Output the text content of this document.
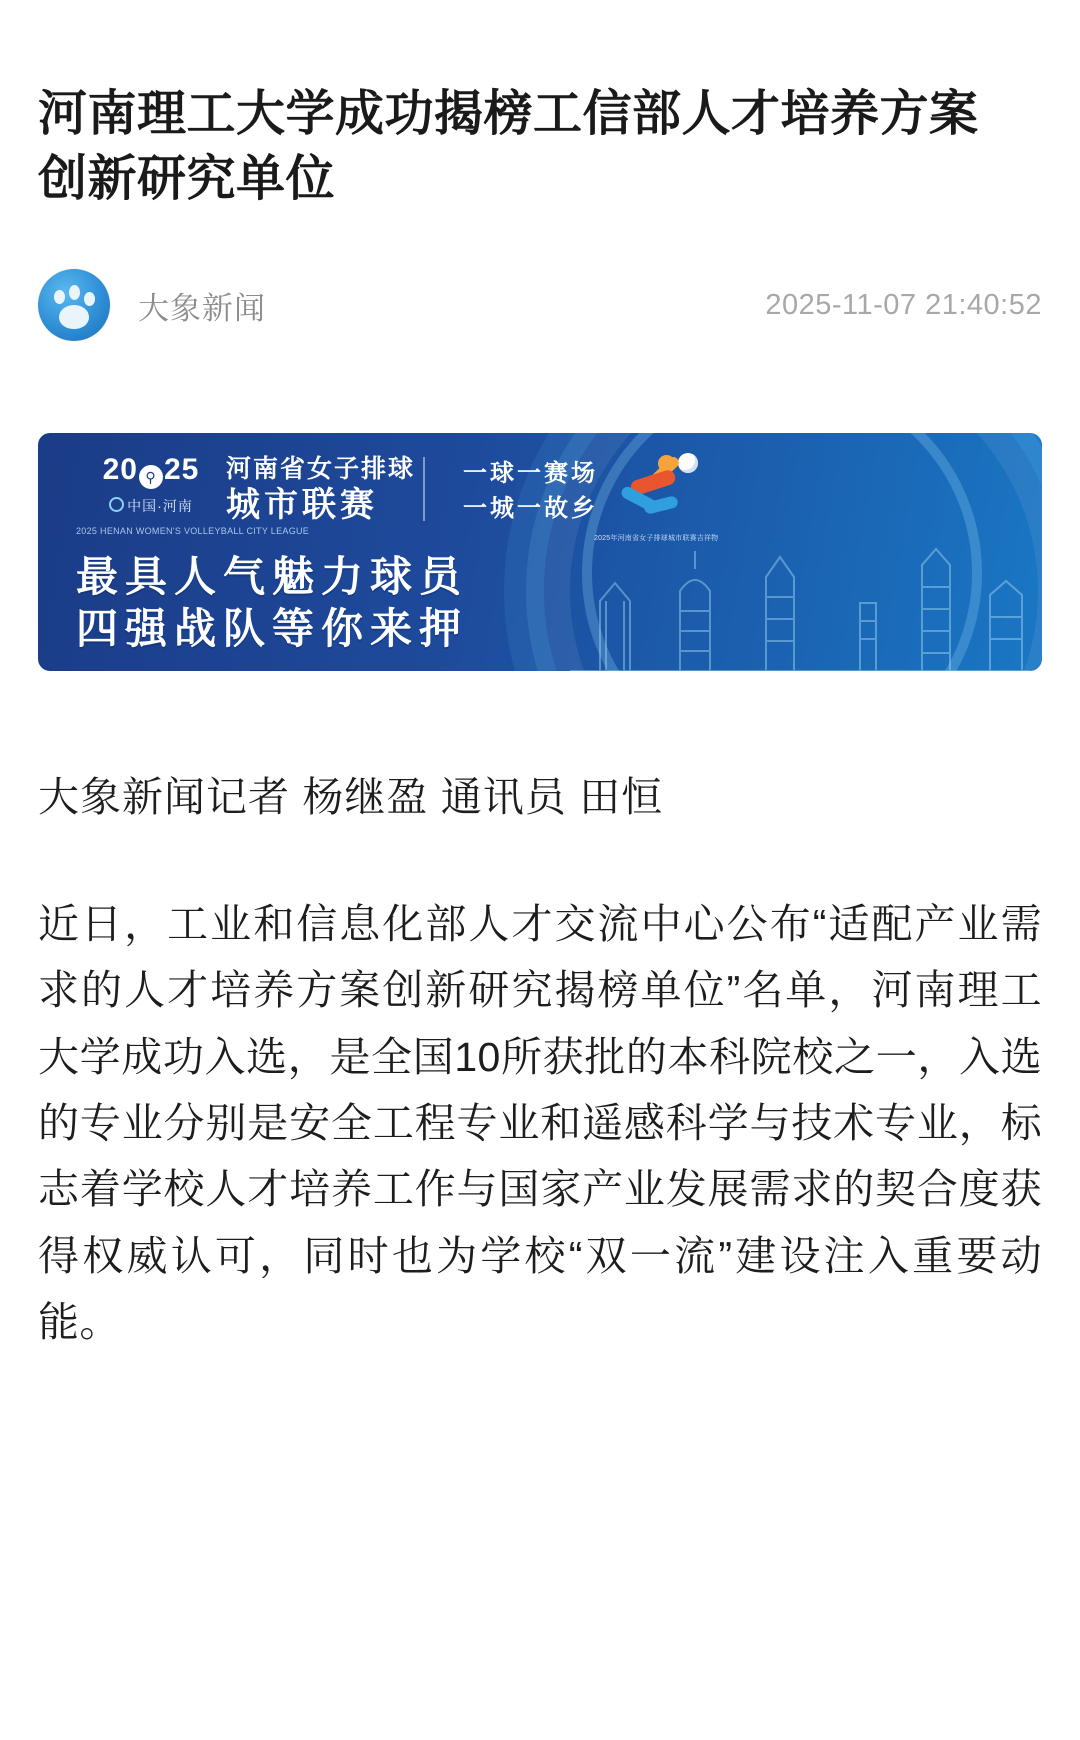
河南理工大学成功揭榜工信部人才培养方案创新研究单位
大象新闻	2025-11-07 21:40:52
20 ⚲ 25
中国·河南
2025 HENAN WOMEN'S VOLLEYBALL CITY LEAGUE
河南省女子排球
城市联赛
一球一赛场
一城一故乡
最具人气魅力球员
四强战队等你来押
2025年河南省女子排球城市联赛吉祥物
大象新闻记者 杨继盈 通讯员 田恒
近日，工业和信息化部人才交流中心公布“适配产业需求的人才培养方案创新研究揭榜单位”名单，河南理工大学成功入选，是全国10所获批的本科院校之一，入选的专业分别是安全工程专业和遥感科学与技术专业，标志着学校人才培养工作与国家产业发展需求的契合度获得权威认可，同时也为学校“双一流”建设注入重要动能。
